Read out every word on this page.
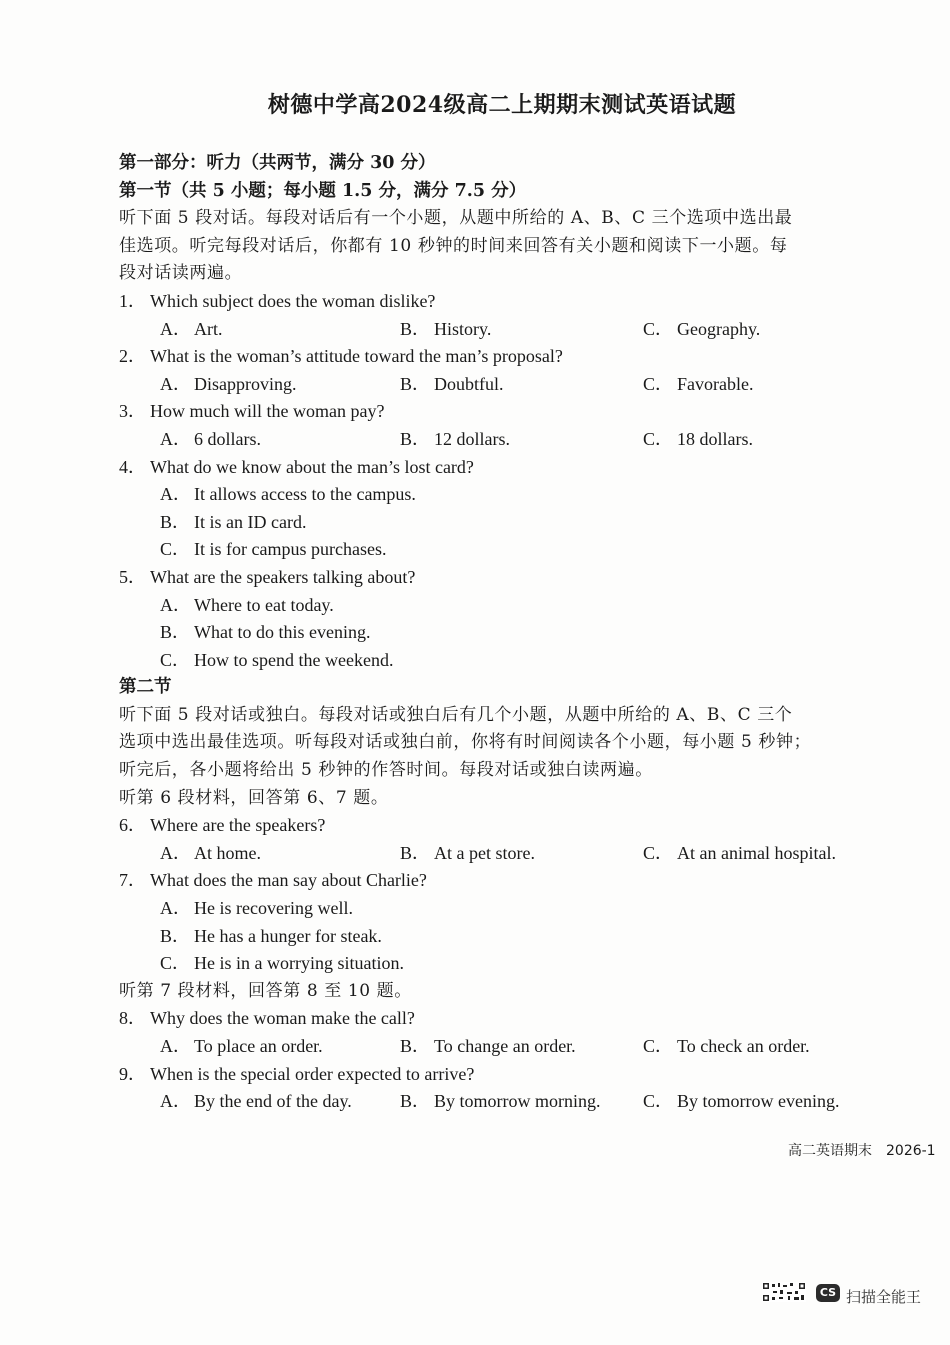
树德中学高2024级高二上期期末测试英语试题
第一部分：听力（共两节，满分 30 分）
第一节（共 5 小题；每小题 1.5 分，满分 7.5 分）
听下面 5 段对话。每段对话后有一个小题，从题中所给的 A、B、C 三个选项中选出最
佳选项。听完每段对话后，你都有 10 秒钟的时间来回答有关小题和阅读下一小题。每
段对话读两遍。
1． Which subject does the woman dislike?
A． Art.	B． History.	C． Geography.
2． What is the woman’s attitude toward the man’s proposal?
A． Disapproving.	B． Doubtful.	C． Favorable.
3． How much will the woman pay?
A． 6 dollars.	B． 12 dollars.	C． 18 dollars.
4． What do we know about the man’s lost card?
A． It allows access to the campus.
B． It is an ID card.
C． It is for campus purchases.
5． What are the speakers talking about?
A． Where to eat today.
B． What to do this evening.
C． How to spend the weekend.
第二节
听下面 5 段对话或独白。每段对话或独白后有几个小题，从题中所给的 A、B、C 三个
选项中选出最佳选项。听每段对话或独白前，你将有时间阅读各个小题，每小题 5 秒钟；
听完后，各小题将给出 5 秒钟的作答时间。每段对话或独白读两遍。
听第 6 段材料，回答第 6、7 题。
6． Where are the speakers?
A． At home.	B． At a pet store.	C． At an animal hospital.
7． What does the man say about Charlie?
A． He is recovering well.
B． He has a hunger for steak.
C． He is in a worrying situation.
听第 7 段材料，回答第 8 至 10 题。
8． Why does the woman make the call?
A． To place an order.	B． To change an order.	C． To check an order.
9． When is the special order expected to arrive?
A． By the end of the day.	B． By tomorrow morning. C． By tomorrow evening.
高二英语期末 2026-1
CS 扫描全能王
